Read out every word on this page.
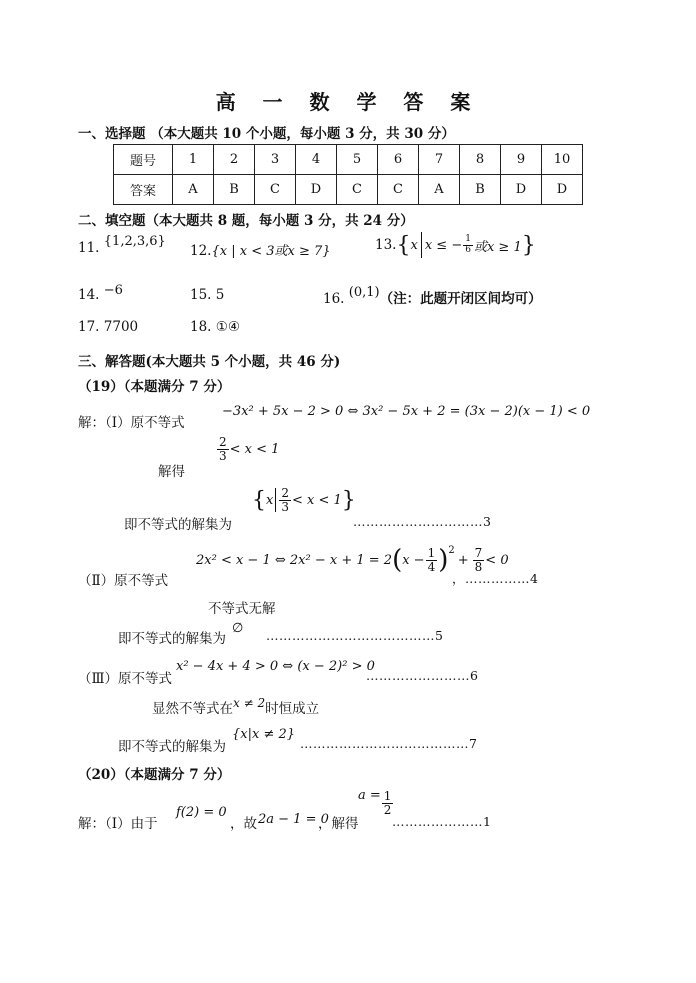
高 一 数 学 答 案
一、选择题 （本大题共 10 个小题，每小题 3 分，共 30 分）
题号	1	2	3	4	5	6	7	8	9	10
答案	A	B	C	D	C	C	A	B	D	D
二、填空题（本大题共 8 题，每小题 3 分，共 24 分）
11. {1,2,3,6}
12.{x | x < 3或x ≥ 7}	13. { x x ≤ − $\frac{1}{6}$ 或x ≥ 1 }
14. −6	15. 5	16. (0,1)（注：此题开闭区间均可）
17. 7700	18. ①④
三、解答题(本大题共 5 个小题，共 46 分)
（19）（本题满分 7 分）
解：（Ⅰ）原不等式
−3x² + 5x − 2 > 0 ⇔ 3x² − 5x + 2 = (3x − 2)(x − 1) < 0
解得
$\frac{2}{3} < x < 1$
即不等式的解集为
{ x $\frac{2}{3} < x < 1$ }
…………………………3
2x² < x − 1 ⇔ 2x² − x + 1 = 2 ( $x - \frac{1}{4} )^2$
+ $\frac{7}{8} < 0$
（Ⅱ）原不等式	，……………4
不等式无解
即不等式的解集为
∅ …………………………………5
（Ⅲ）原不等式
x² − 4x + 4 > 0 ⇔ (x − 2)² > 0
……………………6
显然不等式在x ≠ 2时恒成立
即不等式的解集为
{x|x ≠ 2}
…………………………………7
（20）（本题满分 7 分）
解：（Ⅰ）由于
f(2) = 0
，故 2a − 1 = 0
，解得
$a = \frac{1}{2}$
…………………1
